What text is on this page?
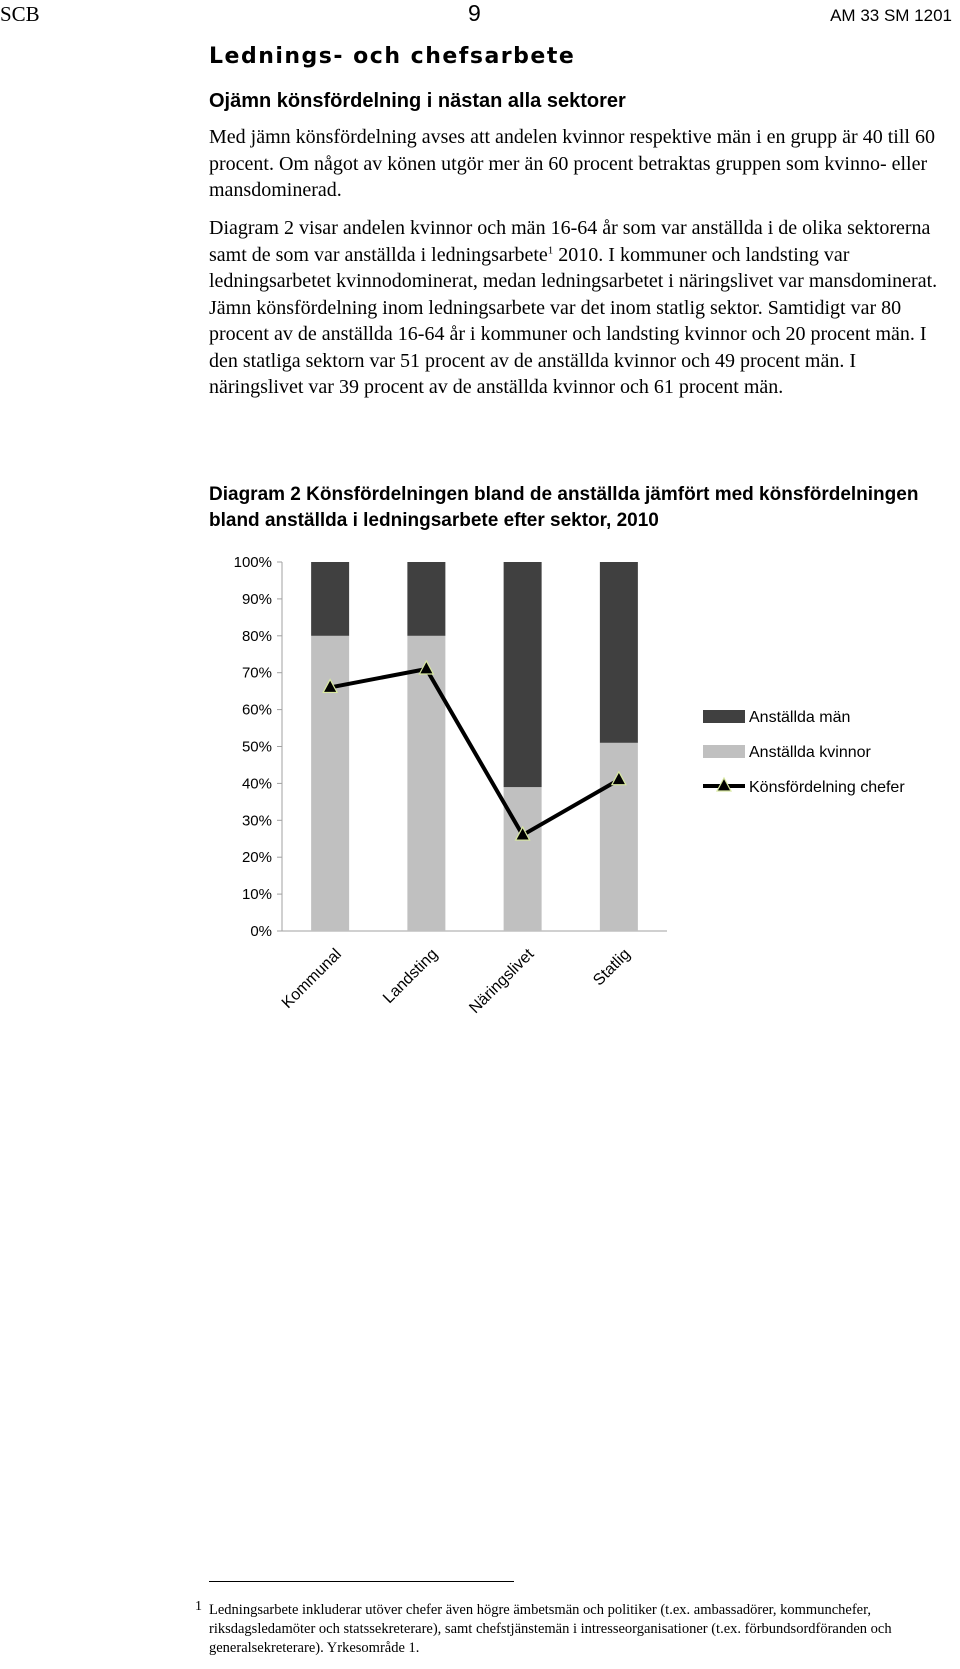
SCB	9	AM 33 SM 1201
Lednings- och chefsarbete
Ojämn könsfördelning i nästan alla sektorer

Med jämn könsfördelning avses att andelen kvinnor respektive män i en grupp är 40 till 60 procent. Om något av könen utgör mer än 60 procent betraktas gruppen som kvinno- eller mansdominerad.

Diagram 2 visar andelen kvinnor och män 16-64 år som var anställda i de olika sektorerna samt de som var anställda i ledningsarbete$^1$ 2010. I kommuner och landsting var ledningsarbetet kvinnodominerat, medan ledningsarbetet i näringslivet var mansdominerat. Jämn könsfördelning inom ledningsarbete var det inom statlig sektor. Samtidigt var 80 procent av de anställda 16-64 år i kommuner och landsting kvinnor och 20 procent män. I den statliga sektorn var 51 procent av de anställda kvinnor och 49 procent män. I näringslivet var 39 procent av de anställda kvinnor och 61 procent män.

Diagram 2 Könsfördelningen bland de anställda jämfört med könsfördelningen bland anställda i ledningsarbete efter sektor, 2010

0%
10%
20%
30%
40%
50%
60%
70%
80%
90%
100%
Kommunal Landsting Näringslivet	Statlig
Anställda män
Anställda kvinnor
Könsfördelning chefer

1 Ledningsarbete inkluderar utöver chefer även högre ämbetsmän och politiker (t.ex. ambassadörer, kommunchefer, riksdagsledamöter och statssekreterare), samt chefstjänstemän i intresseorganisationer (t.ex. förbundsordföranden och generalsekreterare). Yrkesområde 1.
